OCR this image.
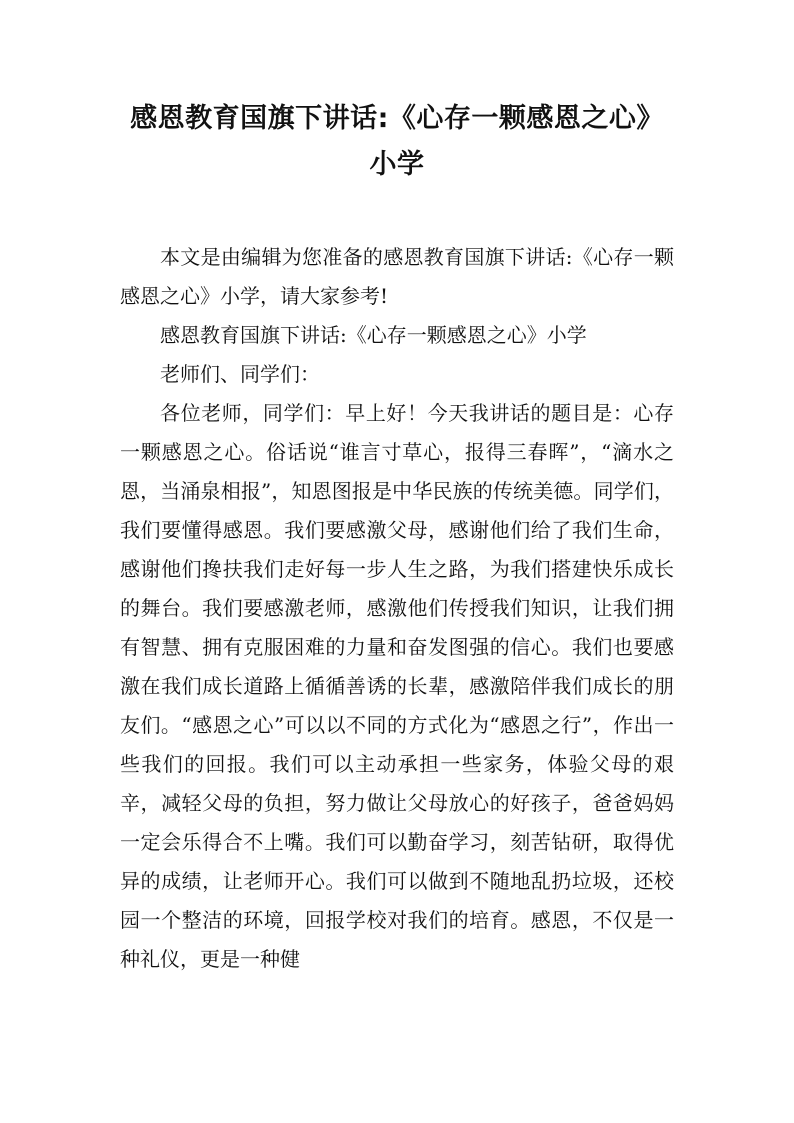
感恩教育国旗下讲话:《心存一颗感恩之心》小学

本文是由编辑为您准备的感恩教育国旗下讲话:《心存一颗感恩之心》小学，请大家参考!

感恩教育国旗下讲话:《心存一颗感恩之心》小学

老师们、同学们：

各位老师，同学们：早上好！今天我讲话的题目是：心存一颗感恩之心。俗话说“谁言寸草心，报得三春晖”，“滴水之恩，当涌泉相报”，知恩图报是中华民族的传统美德。同学们，我们要懂得感恩。我们要感激父母，感谢他们给了我们生命，感谢他们搀扶我们走好每一步人生之路，为我们搭建快乐成长的舞台。我们要感激老师，感激他们传授我们知识，让我们拥有智慧、拥有克服困难的力量和奋发图强的信心。我们也要感激在我们成长道路上循循善诱的长辈，感激陪伴我们成长的朋友们。“感恩之心”可以以不同的方式化为“感恩之行”，作出一些我们的回报。我们可以主动承担一些家务，体验父母的艰辛，减轻父母的负担，努力做让父母放心的好孩子，爸爸妈妈一定会乐得合不上嘴。我们可以勤奋学习，刻苦钻研，取得优异的成绩，让老师开心。我们可以做到不随地乱扔垃圾，还校园一个整洁的环境，回报学校对我们的培育。感恩，不仅是一种礼仪，更是一种健
